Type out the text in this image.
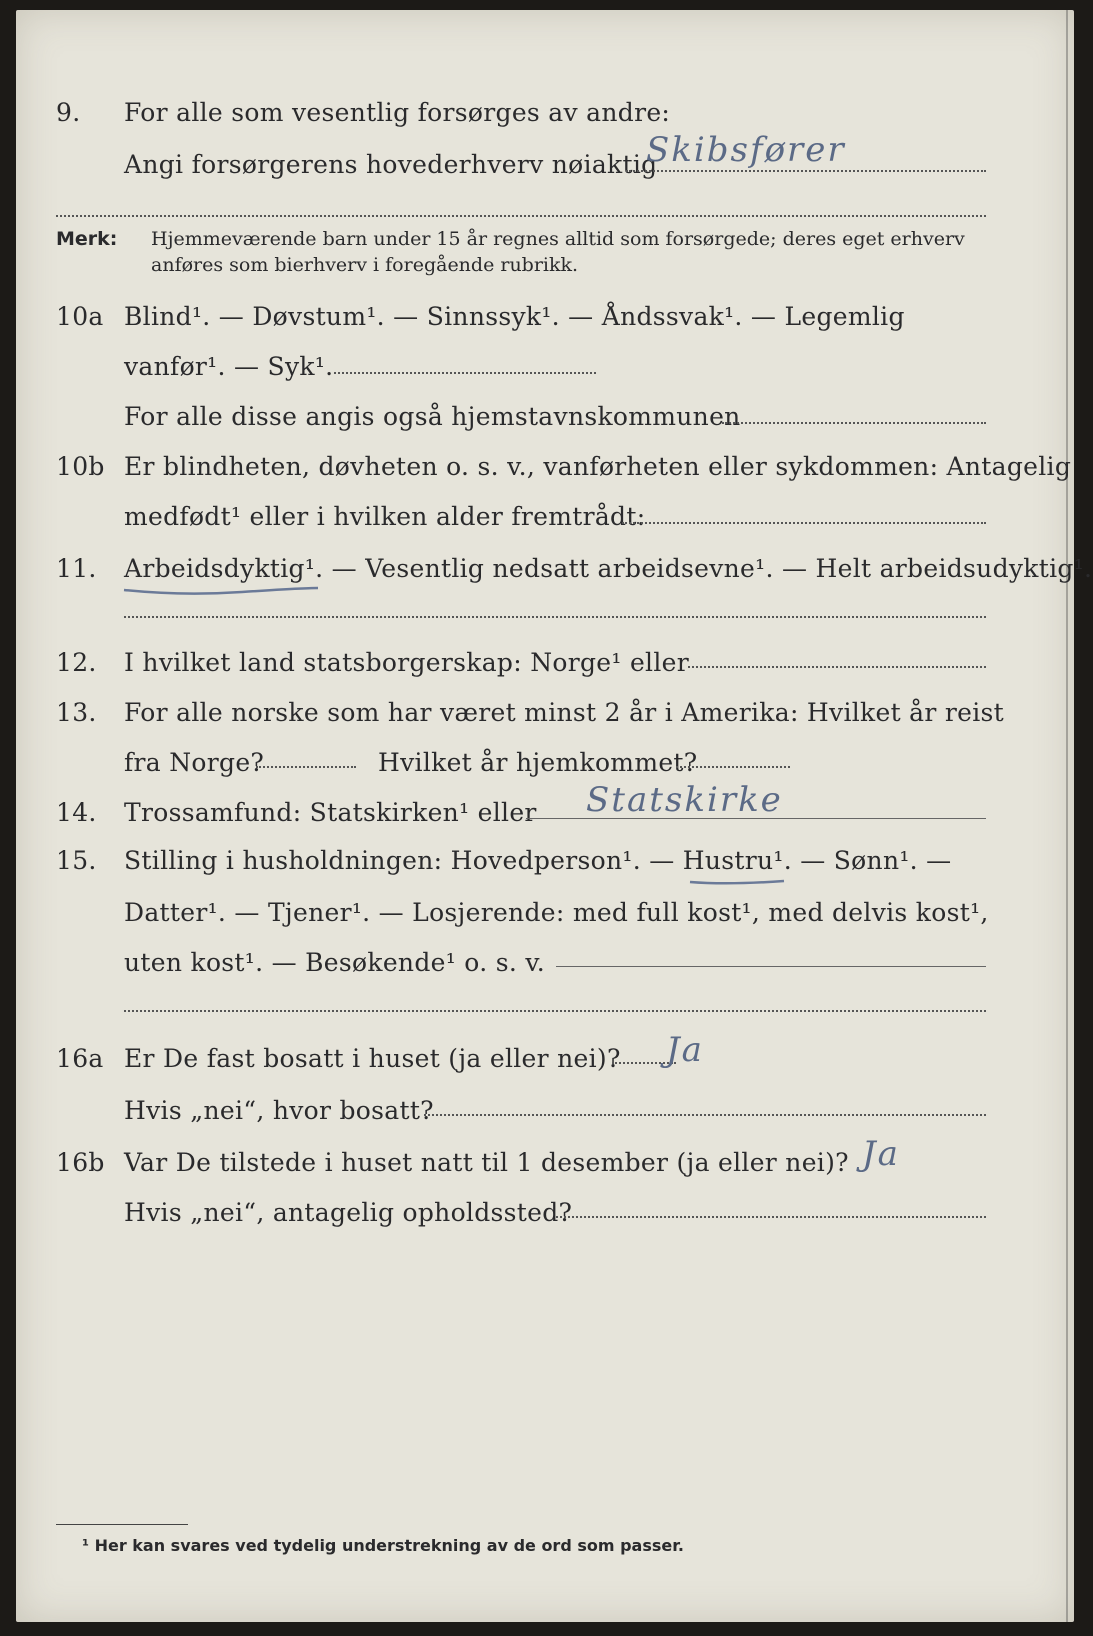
9. For alle som vesentlig forsørges av andre:
Angi forsørgerens hovederhverv nøiaktig
Skibsfører
Merk: Hjemmeværende barn under 15 år regnes alltid som forsørgede; deres eget erhverv anføres som bierhverv i foregående rubrikk.
10a Blind¹. — Døvstum¹. — Sinnssyk¹. — Åndssvak¹. — Legemlig
vanfør¹. — Syk¹.
For alle disse angis også hjemstavnskommunen
10b Er blindheten, døvheten o. s. v., vanførheten eller sykdommen: Antagelig
medfødt¹ eller i hvilken alder fremtrådt:
11. Arbeidsdyktig¹. — Vesentlig nedsatt arbeidsevne¹. — Helt arbeidsudyktig¹.
12. I hvilket land statsborgerskap: Norge¹ eller
13. For alle norske som har været minst 2 år i Amerika: Hvilket år reist
fra Norge?	Hvilket år hjemkommet?
14. Trossamfund: Statskirken¹ eller Statskirke
15. Stilling i husholdningen: Hovedperson¹. — Hustru¹. — Sønn¹. —
Datter¹. — Tjener¹. — Losjerende: med full kost¹, med delvis kost¹,
uten kost¹. — Besøkende¹ o. s. v.
16a Er De fast bosatt i huset (ja eller nei)? Ja
Hvis „nei“, hvor bosatt?
16b Var De tilstede i huset natt til 1 desember (ja eller nei)? Ja
Hvis „nei“, antagelig opholdssted?
¹ Her kan svares ved tydelig understrekning av de ord som passer.
